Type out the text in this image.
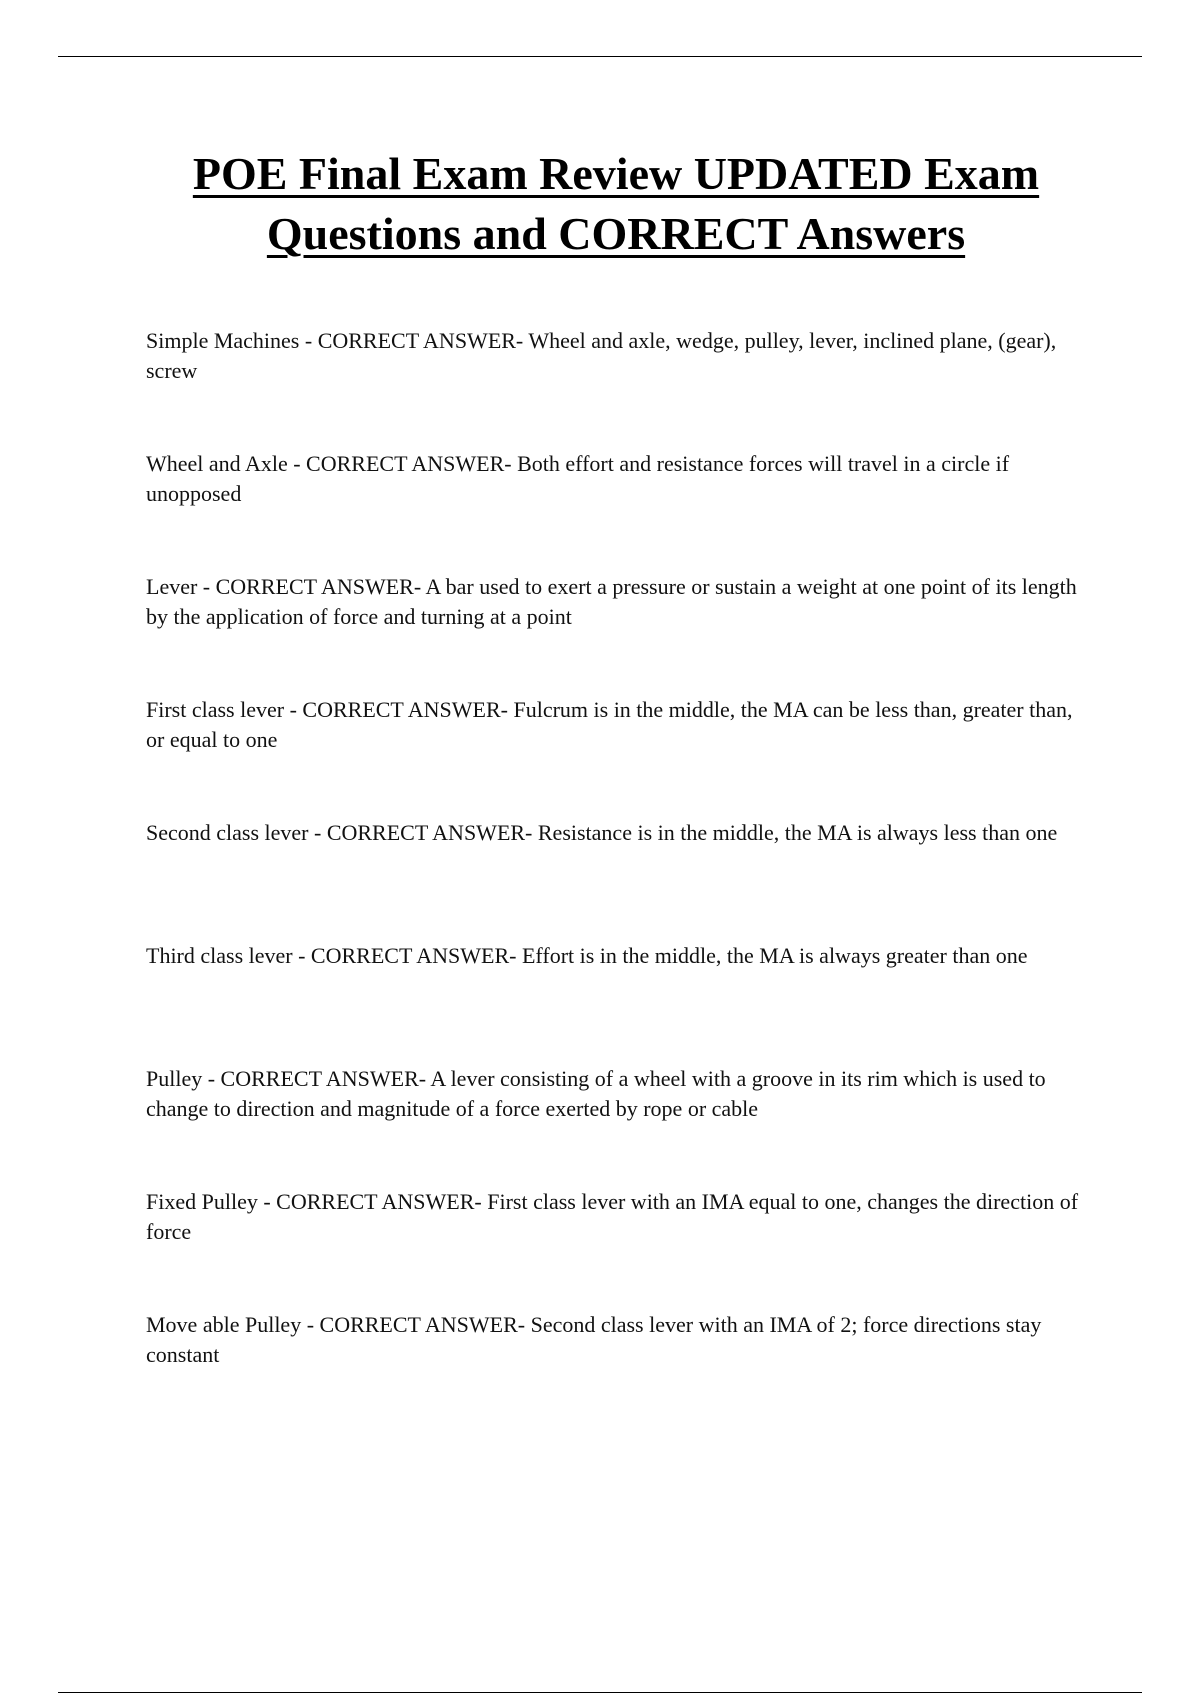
POE Final Exam Review UPDATED Exam Questions and CORRECT Answers
Simple Machines - CORRECT ANSWER- Wheel and axle, wedge, pulley, lever, inclined plane, (gear), screw
Wheel and Axle - CORRECT ANSWER- Both effort and resistance forces will travel in a circle if unopposed
Lever - CORRECT ANSWER- A bar used to exert a pressure or sustain a weight at one point of its length by the application of force and turning at a point
First class lever - CORRECT ANSWER- Fulcrum is in the middle, the MA can be less than, greater than, or equal to one
Second class lever - CORRECT ANSWER- Resistance is in the middle, the MA is always less than one
Third class lever - CORRECT ANSWER- Effort is in the middle, the MA is always greater than one
Pulley - CORRECT ANSWER- A lever consisting of a wheel with a groove in its rim which is used to change to direction and magnitude of a force exerted by rope or cable
Fixed Pulley - CORRECT ANSWER- First class lever with an IMA equal to one, changes the direction of force
Move able Pulley - CORRECT ANSWER- Second class lever with an IMA of 2; force directions stay constant
